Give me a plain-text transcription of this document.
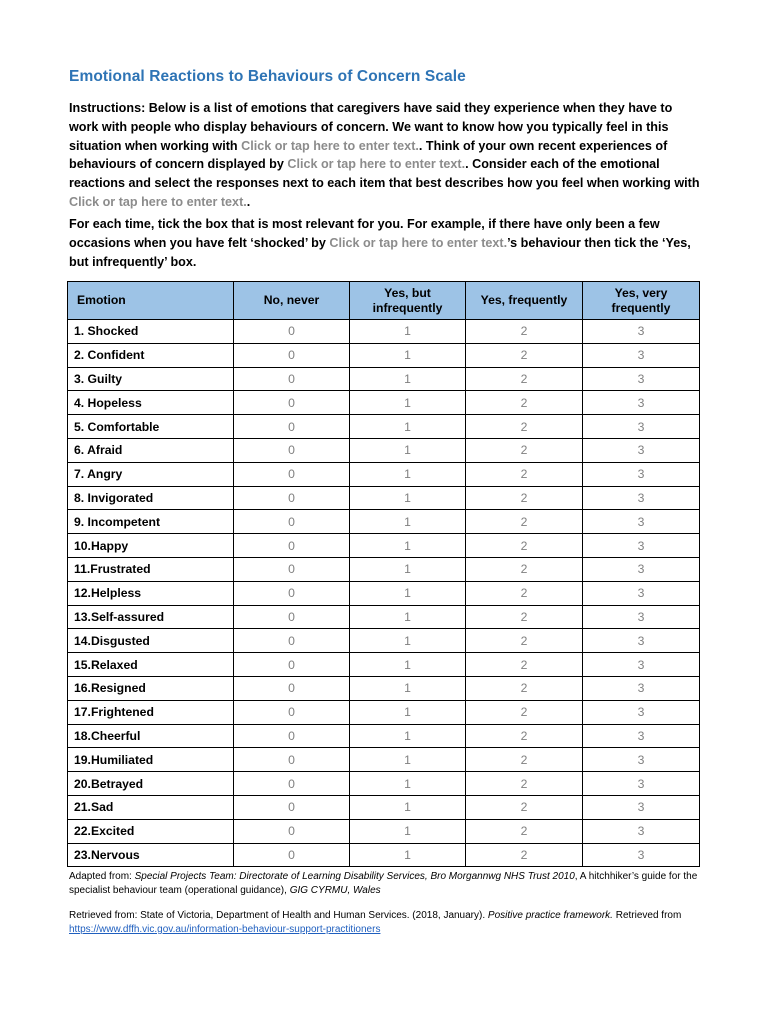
Emotional Reactions to Behaviours of Concern Scale

Instructions: Below is a list of emotions that caregivers have said they experience when they have to work with people who display behaviours of concern. We want to know how you typically feel in this situation when working with Click or tap here to enter text.. Think of your own recent experiences of behaviours of concern displayed by Click or tap here to enter text.. Consider each of the emotional reactions and select the responses next to each item that best describes how you feel when working with Click or tap here to enter text..

For each time, tick the box that is most relevant for you. For example, if there have only been a few occasions when you have felt ‘shocked’ by Click or tap here to enter text.’s behaviour then tick the ‘Yes, but infrequently’ box.

Emotion	No, never	Yes, but infrequently	Yes, frequently	Yes, very frequently
1. Shocked	0	1	2	3
2. Confident	0	1	2	3
3. Guilty	0	1	2	3
4. Hopeless	0	1	2	3
5. Comfortable	0	1	2	3
6. Afraid	0	1	2	3
7. Angry	0	1	2	3
8. Invigorated	0	1	2	3
9. Incompetent	0	1	2	3
10.Happy	0	1	2	3
11.Frustrated	0	1	2	3
12.Helpless	0	1	2	3
13.Self-assured	0	1	2	3
14.Disgusted	0	1	2	3
15.Relaxed	0	1	2	3
16.Resigned	0	1	2	3
17.Frightened	0	1	2	3
18.Cheerful	0	1	2	3
19.Humiliated	0	1	2	3
20.Betrayed	0	1	2	3
21.Sad	0	1	2	3
22.Excited	0	1	2	3
23.Nervous	0	1	2	3

Adapted from: Special Projects Team: Directorate of Learning Disability Services, Bro Morgannwg NHS Trust 2010, A hitchhiker’s guide for the specialist behaviour team (operational guidance), GIG CYRMU, Wales

Retrieved from: State of Victoria, Department of Health and Human Services. (2018, January). Positive practice framework. Retrieved from https://www.dffh.vic.gov.au/information-behaviour-support-practitioners
